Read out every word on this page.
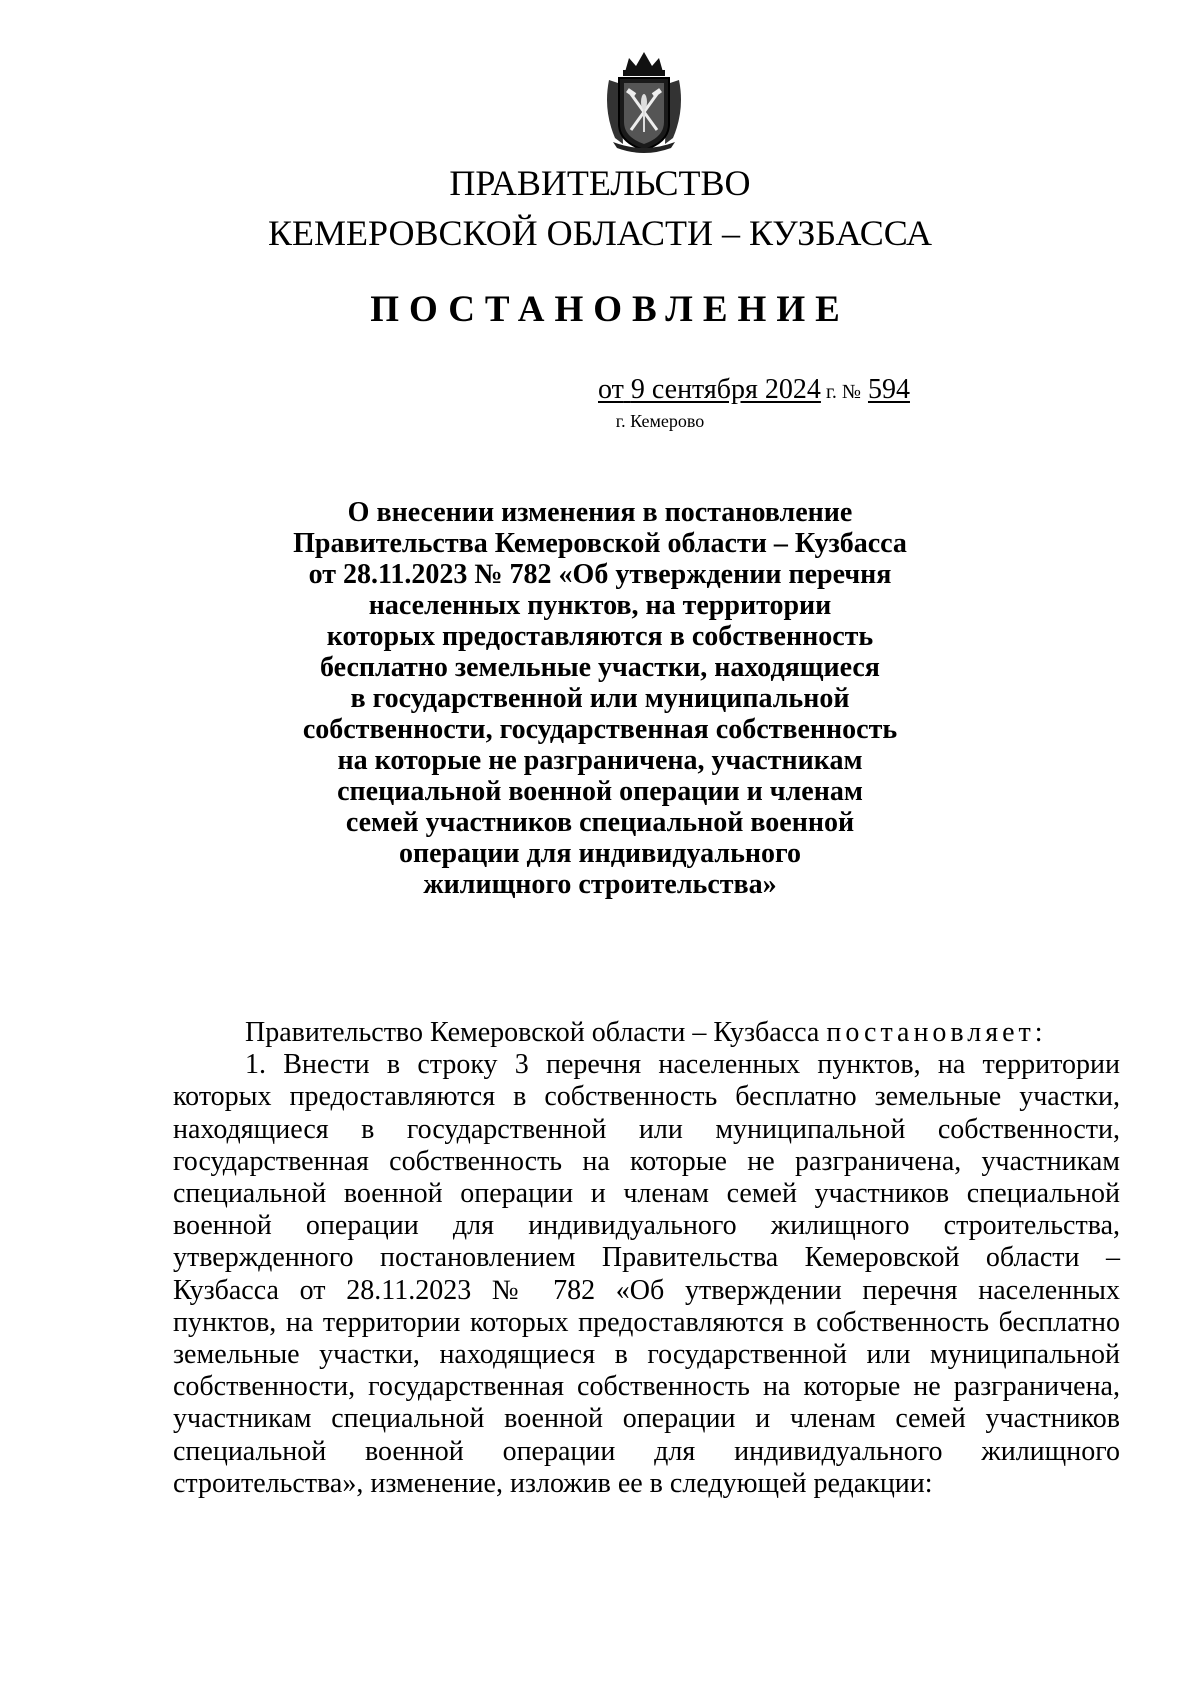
ПРАВИТЕЛЬСТВО
КЕМЕРОВСКОЙ ОБЛАСТИ – КУЗБАССА
ПОСТАНОВЛЕНИЕ
от 9 сентября 2024 г. № 594
г. Кемерово
О внесении изменения в постановление
Правительства Кемеровской области – Кузбасса
от 28.11.2023 № 782 «Об утверждении перечня
населенных пунктов, на территории
которых предоставляются в собственность
бесплатно земельные участки, находящиеся
в государственной или муниципальной
собственности, государственная собственность
на которые не разграничена, участникам
специальной военной операции и членам
семей участников специальной военной
операции для индивидуального
жилищного строительства»
Правительство Кемеровской области – Кузбасса постановляет:
1. Внести в строку 3 перечня населенных пунктов, на территории
которых предоставляются в собственность бесплатно земельные участки,
находящиеся в государственной или муниципальной собственности,
государственная собственность на которые не разграничена, участникам
специальной военной операции и членам семей участников специальной
военной операции для индивидуального жилищного строительства,
утвержденного постановлением Правительства Кемеровской области –
Кузбасса от 28.11.2023 № 782 «Об утверждении перечня населенных
пунктов, на территории которых предоставляются в собственность бесплатно
земельные участки, находящиеся в государственной или муниципальной
собственности, государственная собственность на которые не разграничена,
участникам специальной военной операции и членам семей участников
специальной военной операции для индивидуального жилищного
строительства», изменение, изложив ее в следующей редакции:
